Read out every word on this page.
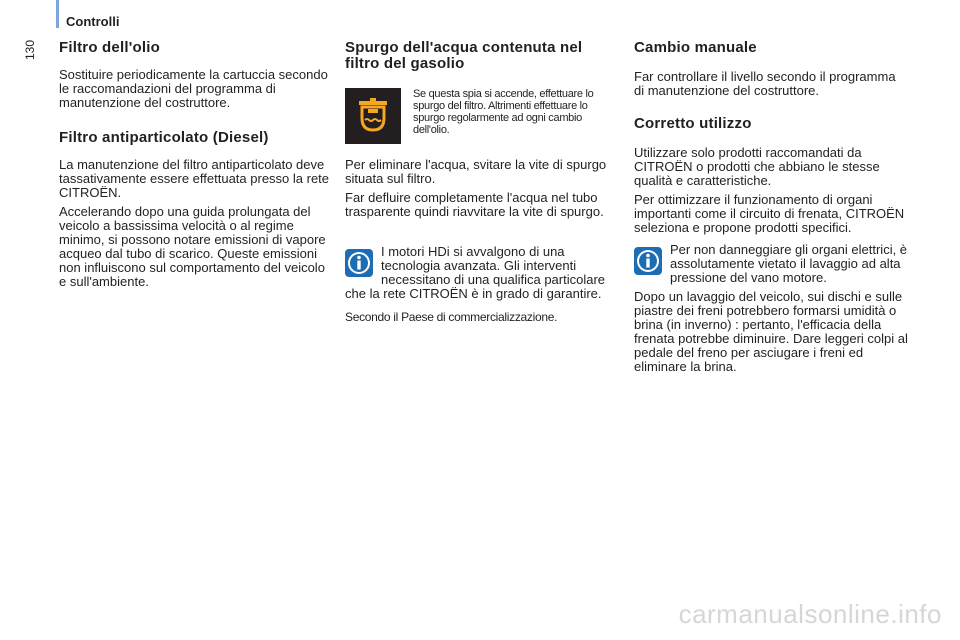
Controlli
130 Filtro dell'olio

Sostituire periodicamente la cartuccia secondo le raccomandazioni del programma di manutenzione del costruttore.

Filtro antiparticolato (Diesel)

La manutenzione del filtro antiparticolato deve tassativamente essere effettuata presso la rete CITROËN.

Accelerando dopo una guida prolungata del veicolo a bassissima velocità o al regime minimo, si possono notare emissioni di vapore acqueo dal tubo di scarico. Queste emissioni non influiscono sul comportamento del veicolo e sull'ambiente.

Spurgo dell'acqua contenuta nel filtro del gasolio
Se questa spia si accende, effettuare lo spurgo del filtro. Altrimenti effettuare lo spurgo regolarmente ad ogni cambio dell'olio.

Per eliminare l'acqua, svitare la vite di spurgo situata sul filtro.

Far defluire completamente l'acqua nel tubo trasparente quindi riavvitare la vite di spurgo.

I motori HDi si avvalgono di una tecnologia avanzata. Gli interventi necessitano di una qualifica particolare che la rete CITROËN è in grado di garantire.

Secondo il Paese di commercializzazione.

Cambio manuale

Far controllare il livello secondo il programma di manutenzione del costruttore.

Corretto utilizzo

Utilizzare solo prodotti raccomandati da CITROËN o prodotti che abbiano le stesse qualità e caratteristiche.

Per ottimizzare il funzionamento di organi importanti come il circuito di frenata, CITROËN seleziona e propone prodotti specifici.

Per non danneggiare gli organi elettrici, è assolutamente vietato il lavaggio ad alta pressione del vano motore.

Dopo un lavaggio del veicolo, sui dischi e sulle piastre dei freni potrebbero formarsi umidità o brina (in inverno) : pertanto, l'efficacia della frenata potrebbe diminuire. Dare leggeri colpi al pedale del freno per asciugare i freni ed eliminare la brina.

carmanualsonline.info
